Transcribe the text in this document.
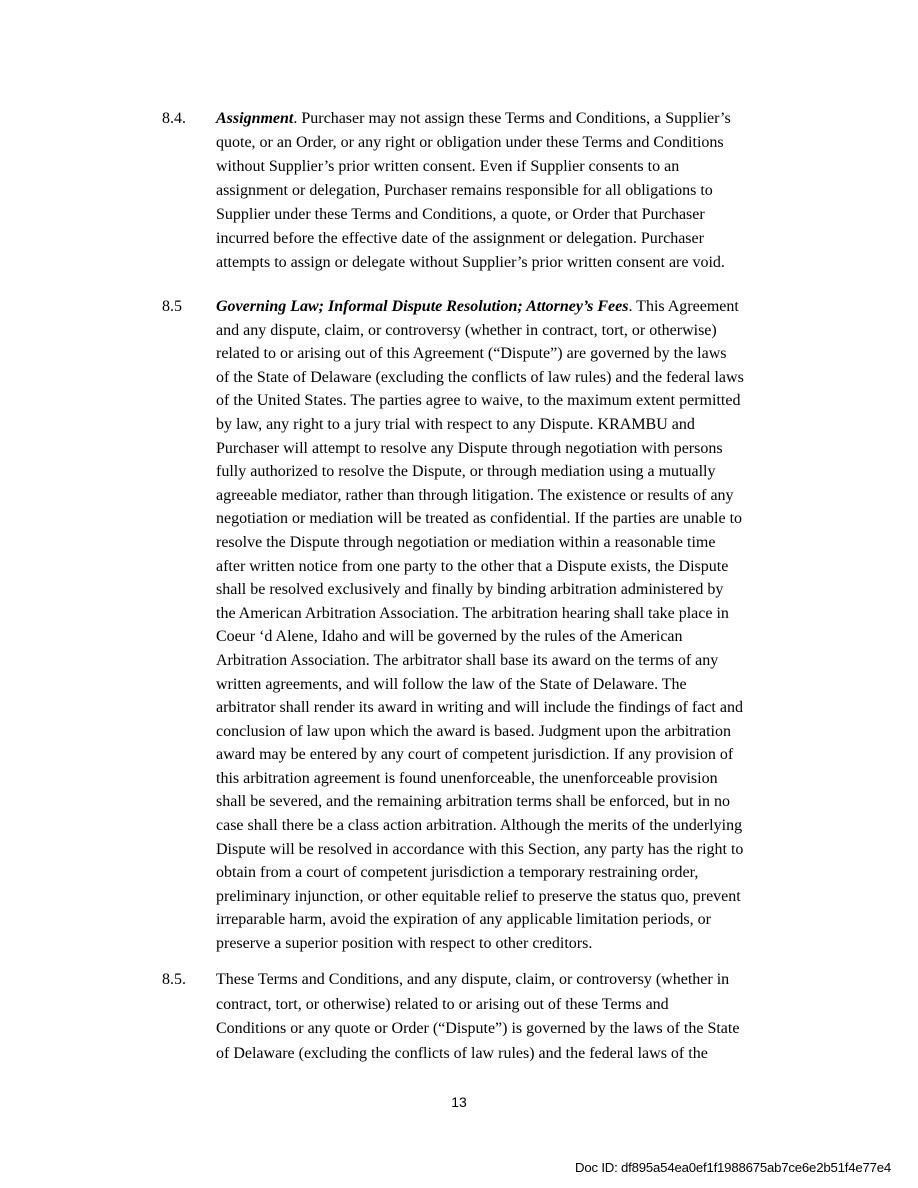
8.4. Assignment. Purchaser may not assign these Terms and Conditions, a Supplier’s
quote, or an Order, or any right or obligation under these Terms and Conditions
without Supplier’s prior written consent. Even if Supplier consents to an
assignment or delegation, Purchaser remains responsible for all obligations to
Supplier under these Terms and Conditions, a quote, or Order that Purchaser
incurred before the effective date of the assignment or delegation. Purchaser
attempts to assign or delegate without Supplier’s prior written consent are void.
8.5 Governing Law; Informal Dispute Resolution; Attorney’s Fees. This Agreement
and any dispute, claim, or controversy (whether in contract, tort, or otherwise)
related to or arising out of this Agreement (“Dispute”) are governed by the laws
of the State of Delaware (excluding the conflicts of law rules) and the federal laws
of the United States. The parties agree to waive, to the maximum extent permitted
by law, any right to a jury trial with respect to any Dispute. KRAMBU and
Purchaser will attempt to resolve any Dispute through negotiation with persons
fully authorized to resolve the Dispute, or through mediation using a mutually
agreeable mediator, rather than through litigation. The existence or results of any
negotiation or mediation will be treated as confidential. If the parties are unable to
resolve the Dispute through negotiation or mediation within a reasonable time
after written notice from one party to the other that a Dispute exists, the Dispute
shall be resolved exclusively and finally by binding arbitration administered by
the American Arbitration Association. The arbitration hearing shall take place in
Coeur ‘d Alene, Idaho and will be governed by the rules of the American
Arbitration Association. The arbitrator shall base its award on the terms of any
written agreements, and will follow the law of the State of Delaware. The
arbitrator shall render its award in writing and will include the findings of fact and
conclusion of law upon which the award is based. Judgment upon the arbitration
award may be entered by any court of competent jurisdiction. If any provision of
this arbitration agreement is found unenforceable, the unenforceable provision
shall be severed, and the remaining arbitration terms shall be enforced, but in no
case shall there be a class action arbitration. Although the merits of the underlying
Dispute will be resolved in accordance with this Section, any party has the right to
obtain from a court of competent jurisdiction a temporary restraining order,
preliminary injunction, or other equitable relief to preserve the status quo, prevent
irreparable harm, avoid the expiration of any applicable limitation periods, or
preserve a superior position with respect to other creditors.
8.5. These Terms and Conditions, and any dispute, claim, or controversy (whether in
contract, tort, or otherwise) related to or arising out of these Terms and
Conditions or any quote or Order (“Dispute”) is governed by the laws of the State
of Delaware (excluding the conflicts of law rules) and the federal laws of the
13
Doc ID: df895a54ea0ef1f1988675ab7ce6e2b51f4e77e4
